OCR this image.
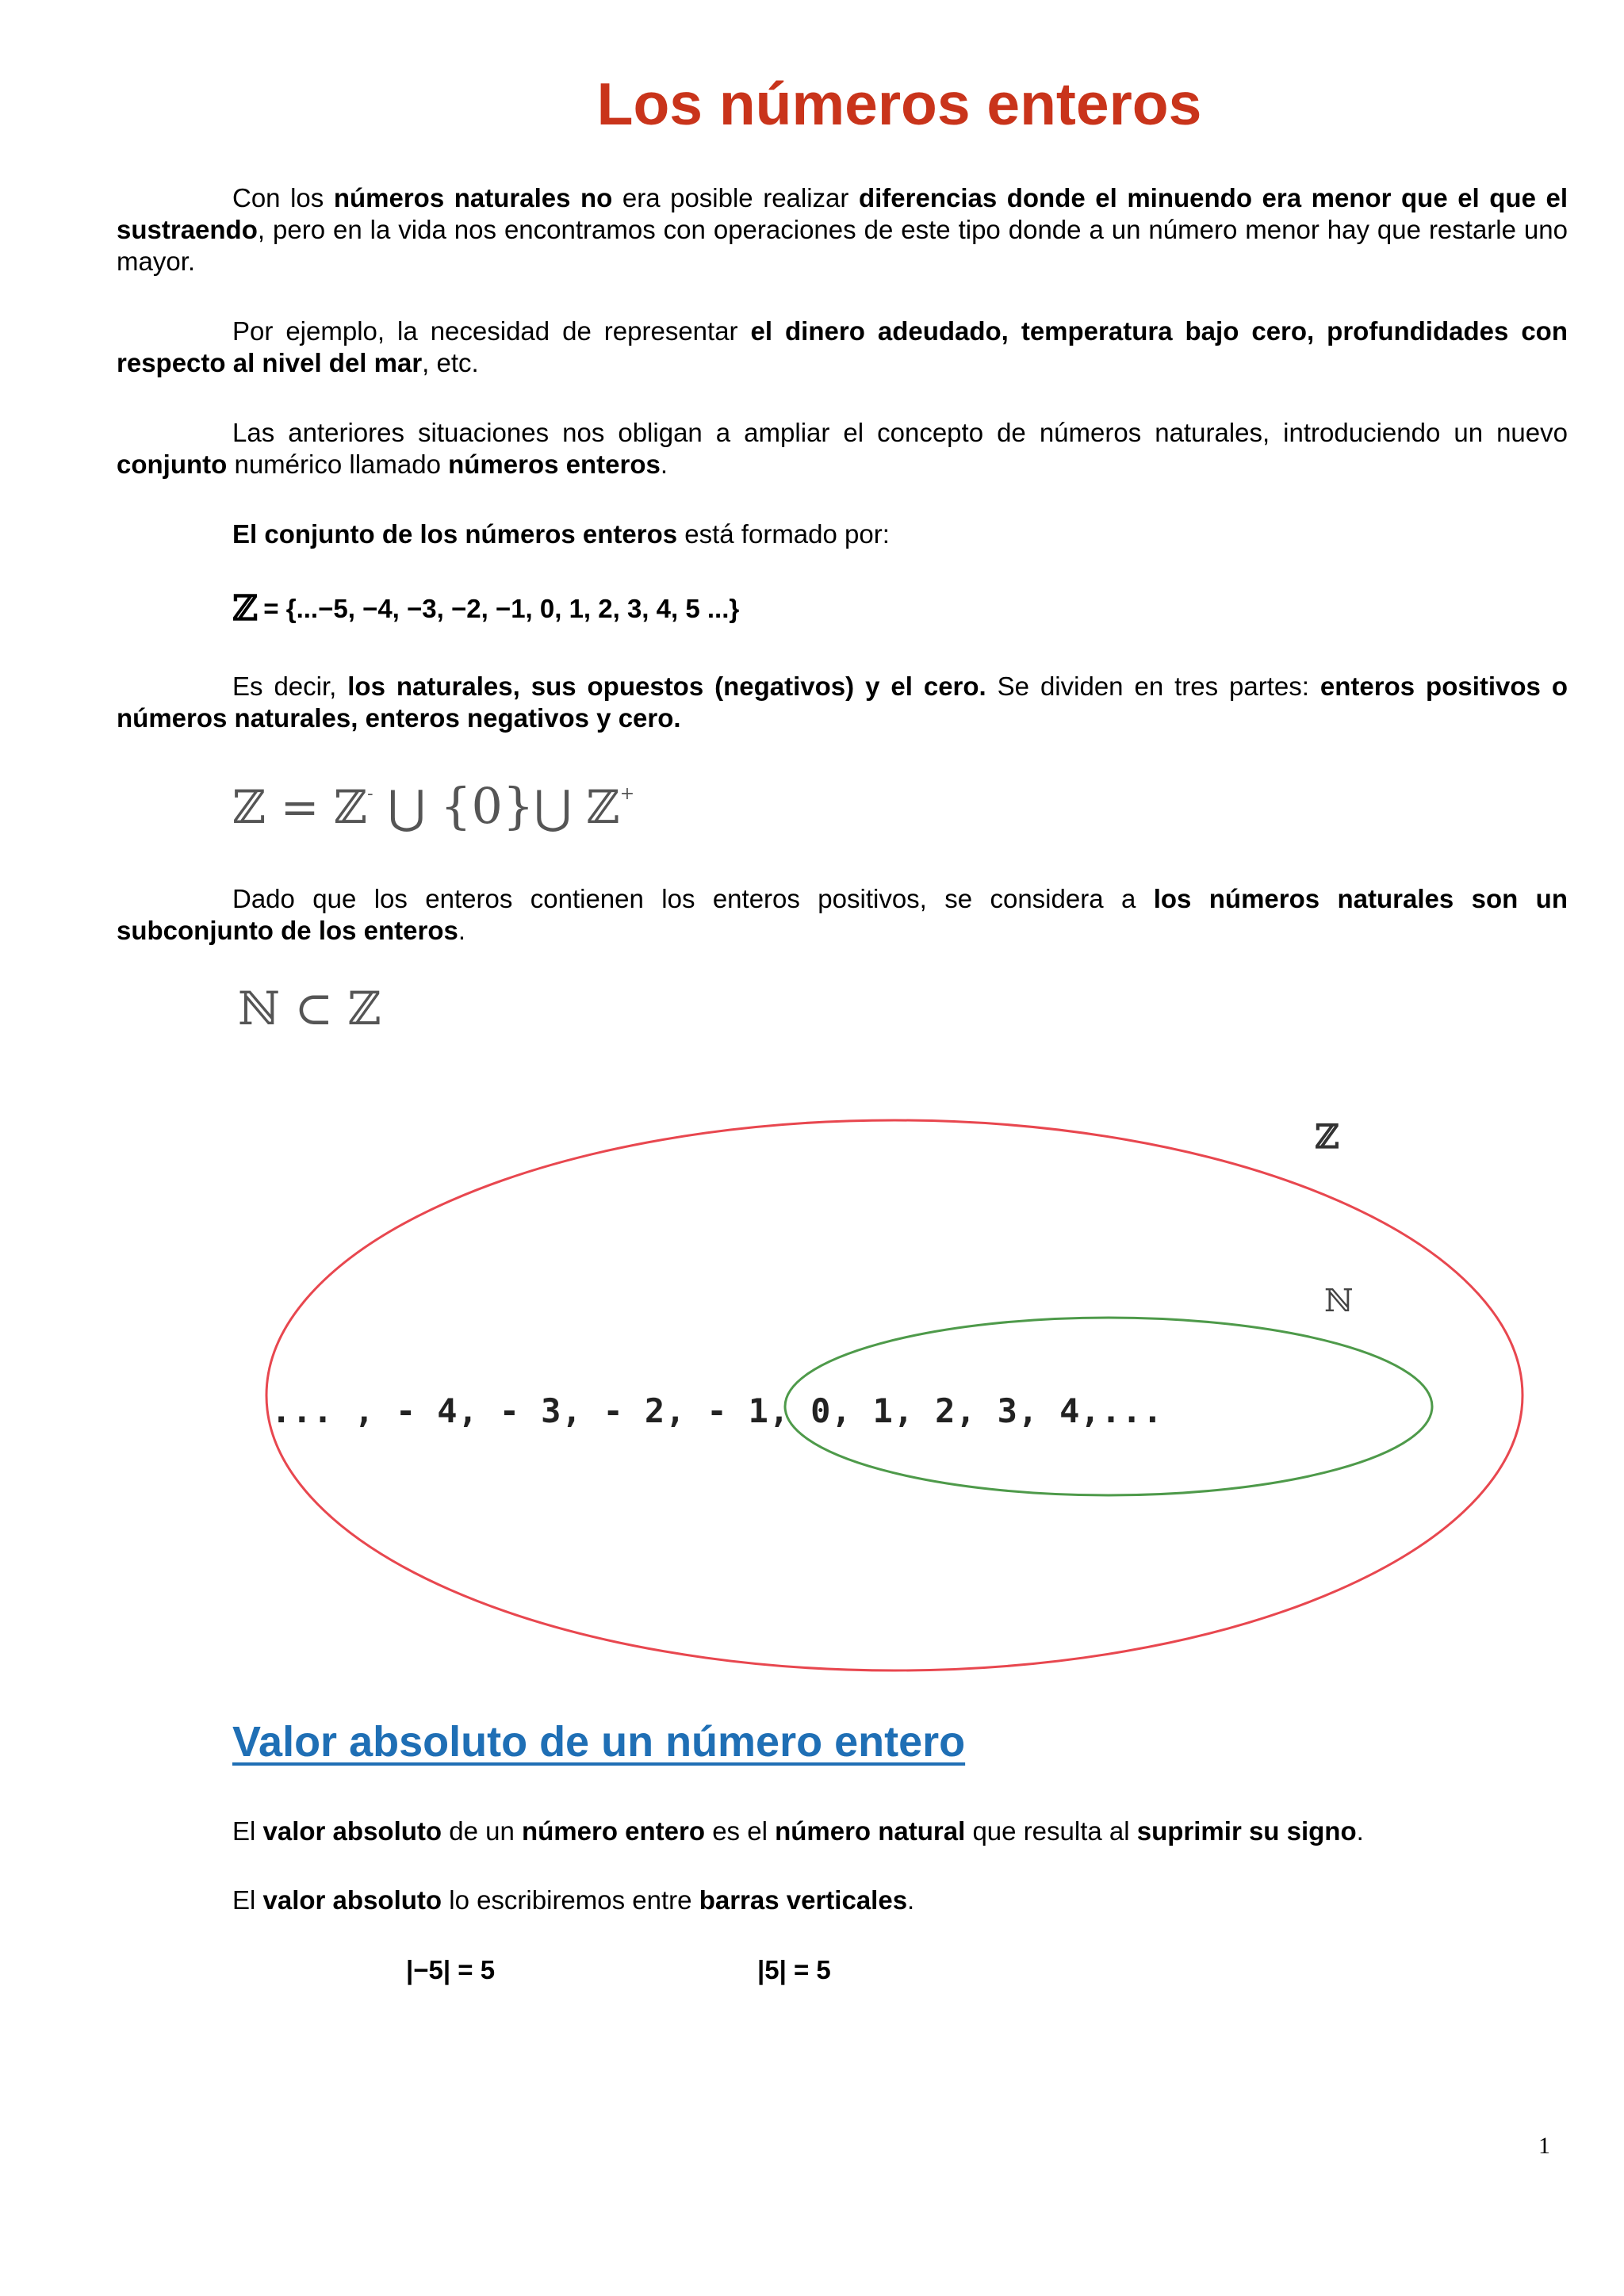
Los números enteros

Con los números naturales no era posible realizar diferencias donde el minuendo era menor que el que el sustraendo, pero en la vida nos encontramos con operaciones de este tipo donde a un número menor hay que restarle uno mayor.

Por ejemplo, la necesidad de representar el dinero adeudado, temperatura bajo cero, profundidades con respecto al nivel del mar, etc.

Las anteriores situaciones nos obligan a ampliar el concepto de números naturales, introduciendo un nuevo conjunto numérico llamado números enteros.

El conjunto de los números enteros está formado por:

ℤ = {...−5, −4, −3, −2, −1, 0, 1, 2, 3, 4, 5 ...}

Es decir, los naturales, sus opuestos (negativos) y el cero. Se dividen en tres partes: enteros positivos o números naturales, enteros negativos y cero.

ℤ = ℤ- ⋃ {0}⋃ ℤ+

Dado que los enteros contienen los enteros positivos, se considera a los números naturales son un subconjunto de los enteros.

ℕ ⊂ ℤ

ℤ
ℕ
... , - 4, - 3, - 2, - 1, 0, 1, 2, 3, 4,...
Valor absoluto de un número entero

El valor absoluto de un número entero es el número natural que resulta al suprimir su signo.

El valor absoluto lo escribiremos entre barras verticales.

|−5| = 5	|5| = 5

1
